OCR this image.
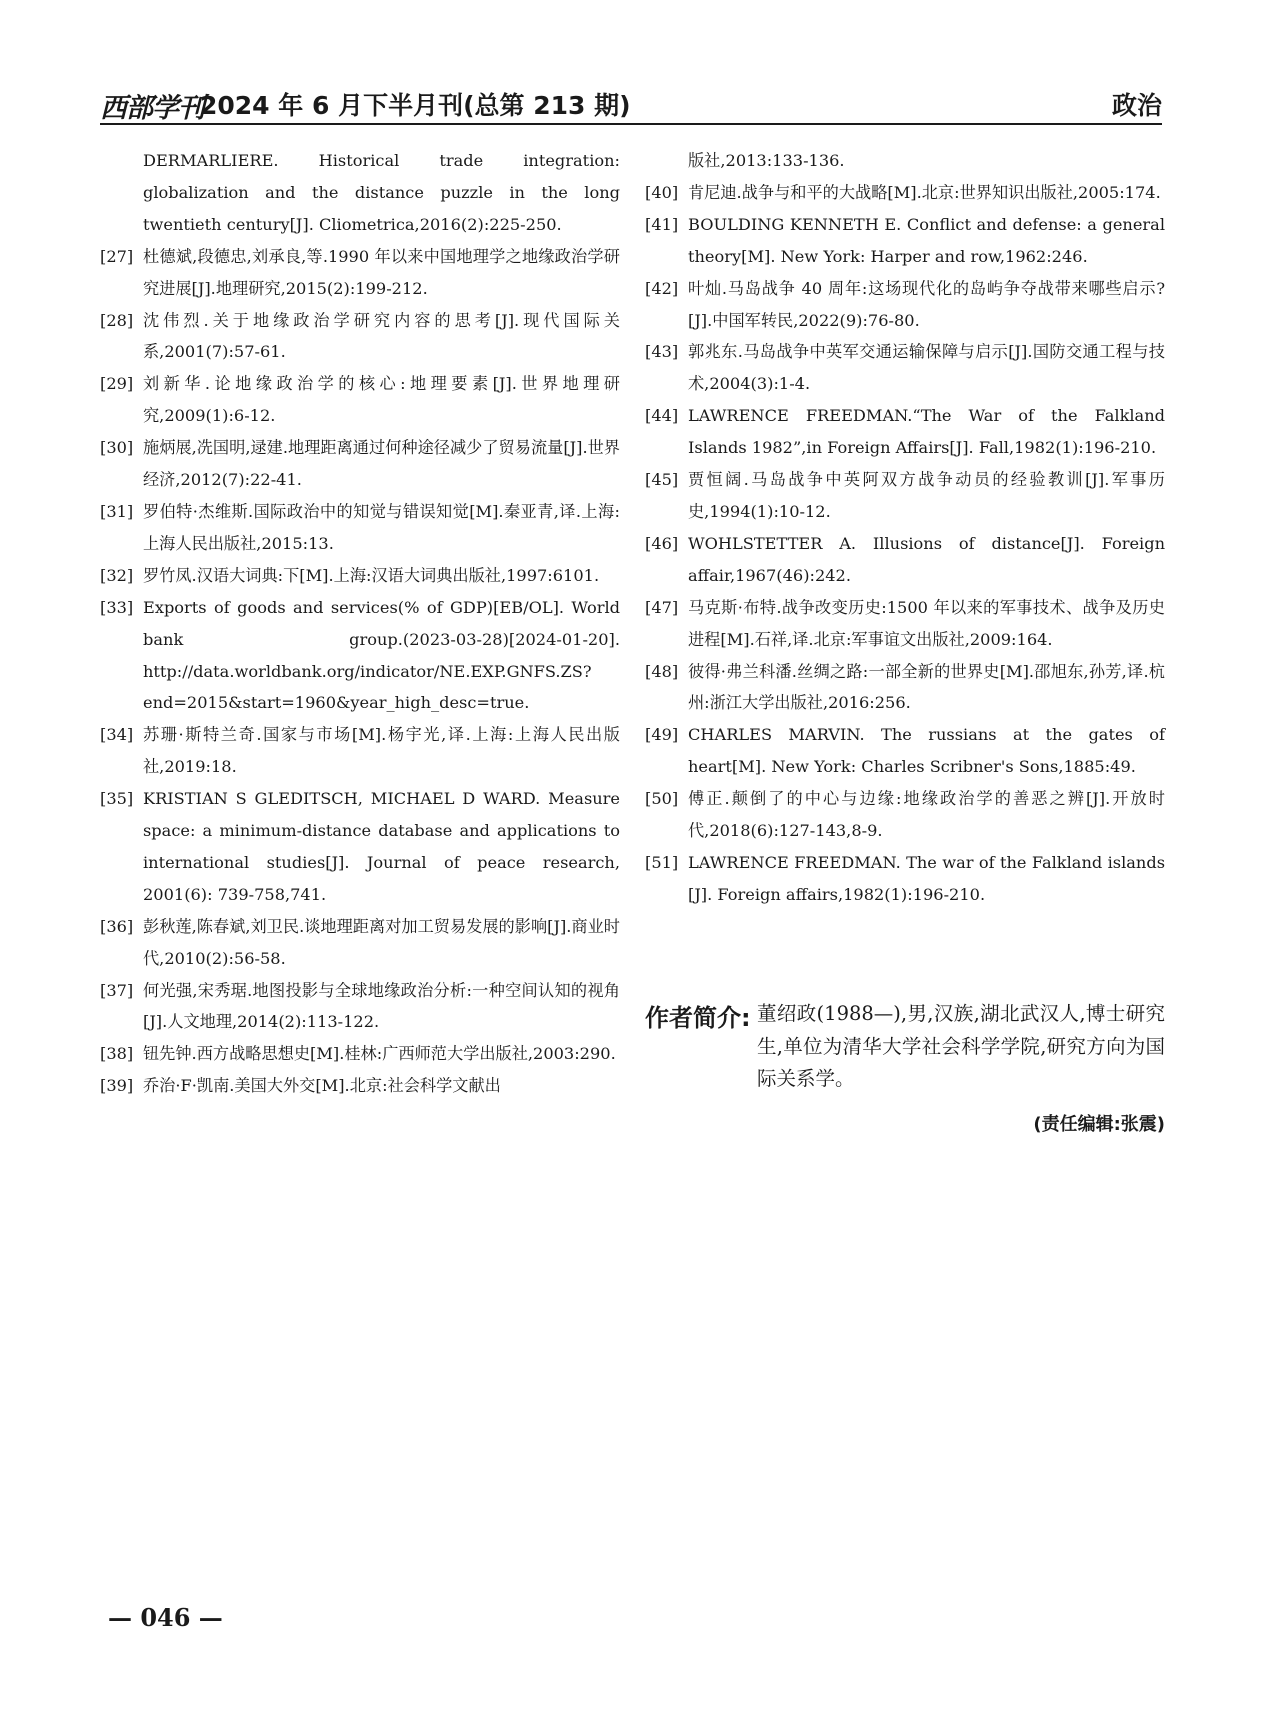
西部学刊
2024 年 6 月下半月刊(总第 213 期)	政治
DERMARLIERE. Historical trade integration: globalization and the distance puzzle in the long twentieth century[J]. Cliometrica,2016(2):225-250.
[27] 杜德斌,段德忠,刘承良,等.1990 年以来中国地理学之地缘政治学研究进展[J].地理研究,2015(2):199-212.
[28] 沈伟烈.关于地缘政治学研究内容的思考[J].现代国际关系,2001(7):57-61.
[29] 刘新华.论地缘政治学的核心:地理要素[J].世界地理研究,2009(1):6-12.
[30] 施炳展,冼国明,逯建.地理距离通过何种途径减少了贸易流量[J].世界经济,2012(7):22-41.
[31] 罗伯特·杰维斯.国际政治中的知觉与错误知觉[M].秦亚青,译.上海:上海人民出版社,2015:13.
[32] 罗竹凤.汉语大词典:下[M].上海:汉语大词典出版社,1997:6101.
[33] Exports of goods and services(% of GDP)[EB/OL]. World bank group.(2023-03-28)[2024-01-20]. http://data.worldbank.org/indicator/NE.EXP.GNFS.ZS?end=2015&start=1960&year_high_desc=true.
[34] 苏珊·斯特兰奇.国家与市场[M].杨宇光,译.上海:上海人民出版社,2019:18.
[35] KRISTIAN S GLEDITSCH, MICHAEL D WARD. Measure space: a minimum-distance database and applications to international studies[J]. Journal of peace research, 2001(6): 739-758,741.
[36] 彭秋莲,陈春斌,刘卫民.谈地理距离对加工贸易发展的影响[J].商业时代,2010(2):56-58.
[37] 何光强,宋秀琚.地图投影与全球地缘政治分析:一种空间认知的视角[J].人文地理,2014(2):113-122.
[38] 钮先钟.西方战略思想史[M].桂林:广西师范大学出版社,2003:290.
[39] 乔治·F·凯南.美国大外交[M].北京:社会科学文献出
版社,2013:133-136.
[40] 肯尼迪.战争与和平的大战略[M].北京:世界知识出版社,2005:174.
[41] BOULDING KENNETH E. Conflict and defense: a general theory[M]. New York: Harper and row,1962:246.
[42] 叶灿.马岛战争 40 周年:这场现代化的岛屿争夺战带来哪些启示?[J].中国军转民,2022(9):76-80.
[43] 郭兆东.马岛战争中英军交通运输保障与启示[J].国防交通工程与技术,2004(3):1-4.
[44] LAWRENCE FREEDMAN.“The War of the Falkland Islands 1982”,in Foreign Affairs[J]. Fall,1982(1):196-210.
[45] 贾恒阔.马岛战争中英阿双方战争动员的经验教训[J].军事历史,1994(1):10-12.
[46] WOHLSTETTER A. Illusions of distance[J]. Foreign affair,1967(46):242.
[47] 马克斯·布特.战争改变历史:1500 年以来的军事技术、战争及历史进程[M].石祥,译.北京:军事谊文出版社,2009:164.
[48] 彼得·弗兰科潘.丝绸之路:一部全新的世界史[M].邵旭东,孙芳,译.杭州:浙江大学出版社,2016:256.
[49] CHARLES MARVIN. The russians at the gates of heart[M]. New York: Charles Scribner's Sons,1885:49.
[50] 傅正.颠倒了的中心与边缘:地缘政治学的善恶之辨[J].开放时代,2018(6):127-143,8-9.
[51] LAWRENCE FREEDMAN. The war of the Falkland islands [J]. Foreign affairs,1982(1):196-210.
作者简介: 董绍政(1988—),男,汉族,湖北武汉人,博士研究生,单位为清华大学社会科学学院,研究方向为国际关系学。
(责任编辑:张震)
— 046 —
